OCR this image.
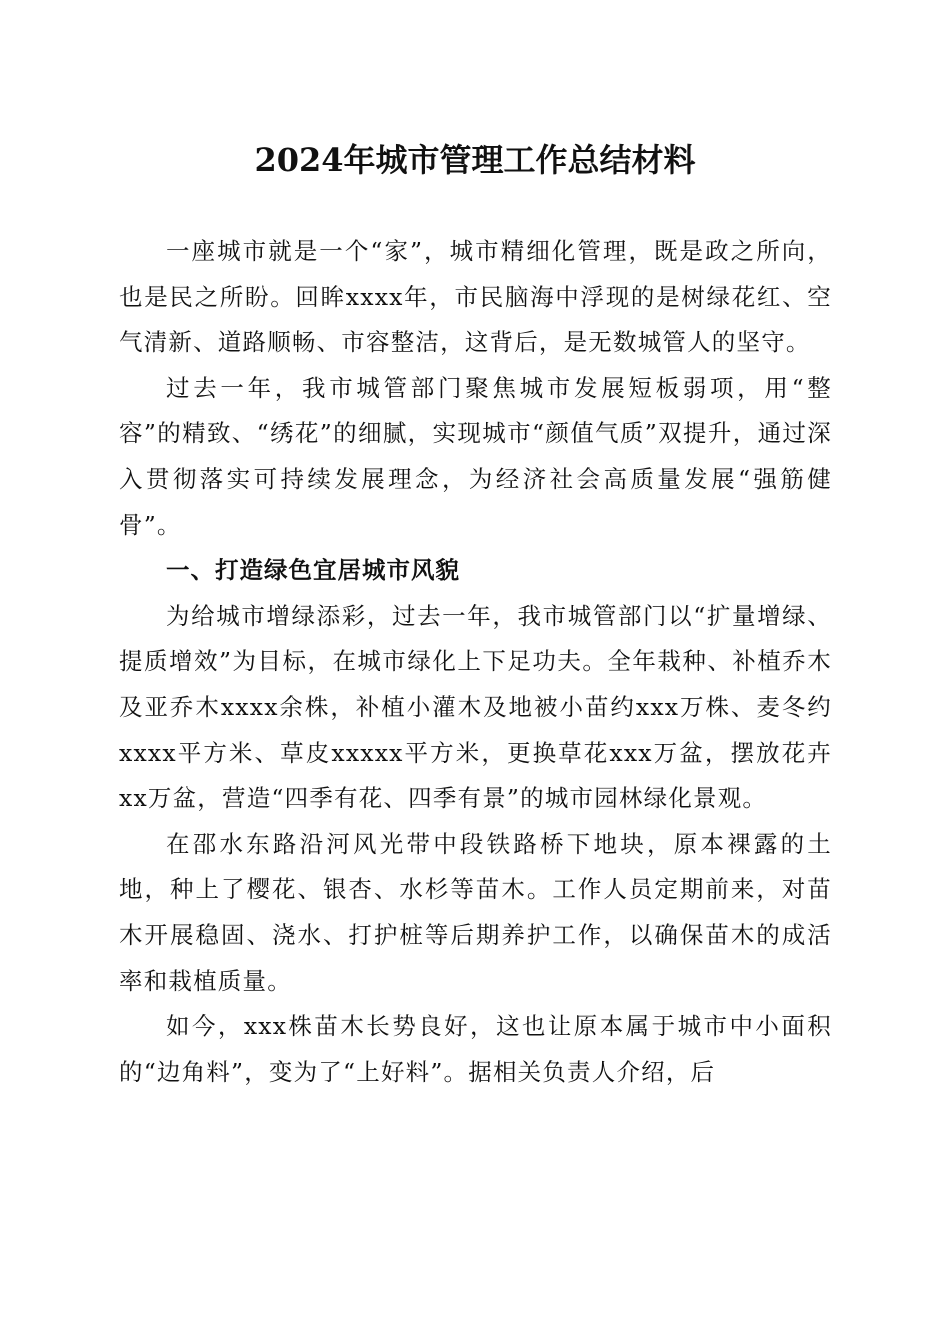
2024年城市管理工作总结材料

一座城市就是一个“家”，城市精细化管理，既是政之所向，也是民之所盼。回眸xxxx年，市民脑海中浮现的是树绿花红、空气清新、道路顺畅、市容整洁，这背后，是无数城管人的坚守。

过去一年，我市城管部门聚焦城市发展短板弱项，用“整容”的精致、“绣花”的细腻，实现城市“颜值气质”双提升，通过深入贯彻落实可持续发展理念，为经济社会高质量发展“强筋健骨”。

一、打造绿色宜居城市风貌

为给城市增绿添彩，过去一年，我市城管部门以“扩量增绿、提质增效”为目标，在城市绿化上下足功夫。全年栽种、补植乔木及亚乔木xxxx余株，补植小灌木及地被小苗约xxx万株、麦冬约xxxx平方米、草皮xxxxx平方米，更换草花xxx万盆，摆放花卉xx万盆，营造“四季有花、四季有景”的城市园林绿化景观。

在邵水东路沿河风光带中段铁路桥下地块，原本裸露的土地，种上了樱花、银杏、水杉等苗木。工作人员定期前来，对苗木开展稳固、浇水、打护桩等后期养护工作，以确保苗木的成活率和栽植质量。

如今，xxx株苗木长势良好，这也让原本属于城市中小面积的“边角料”，变为了“上好料”。据相关负责人介绍，后
